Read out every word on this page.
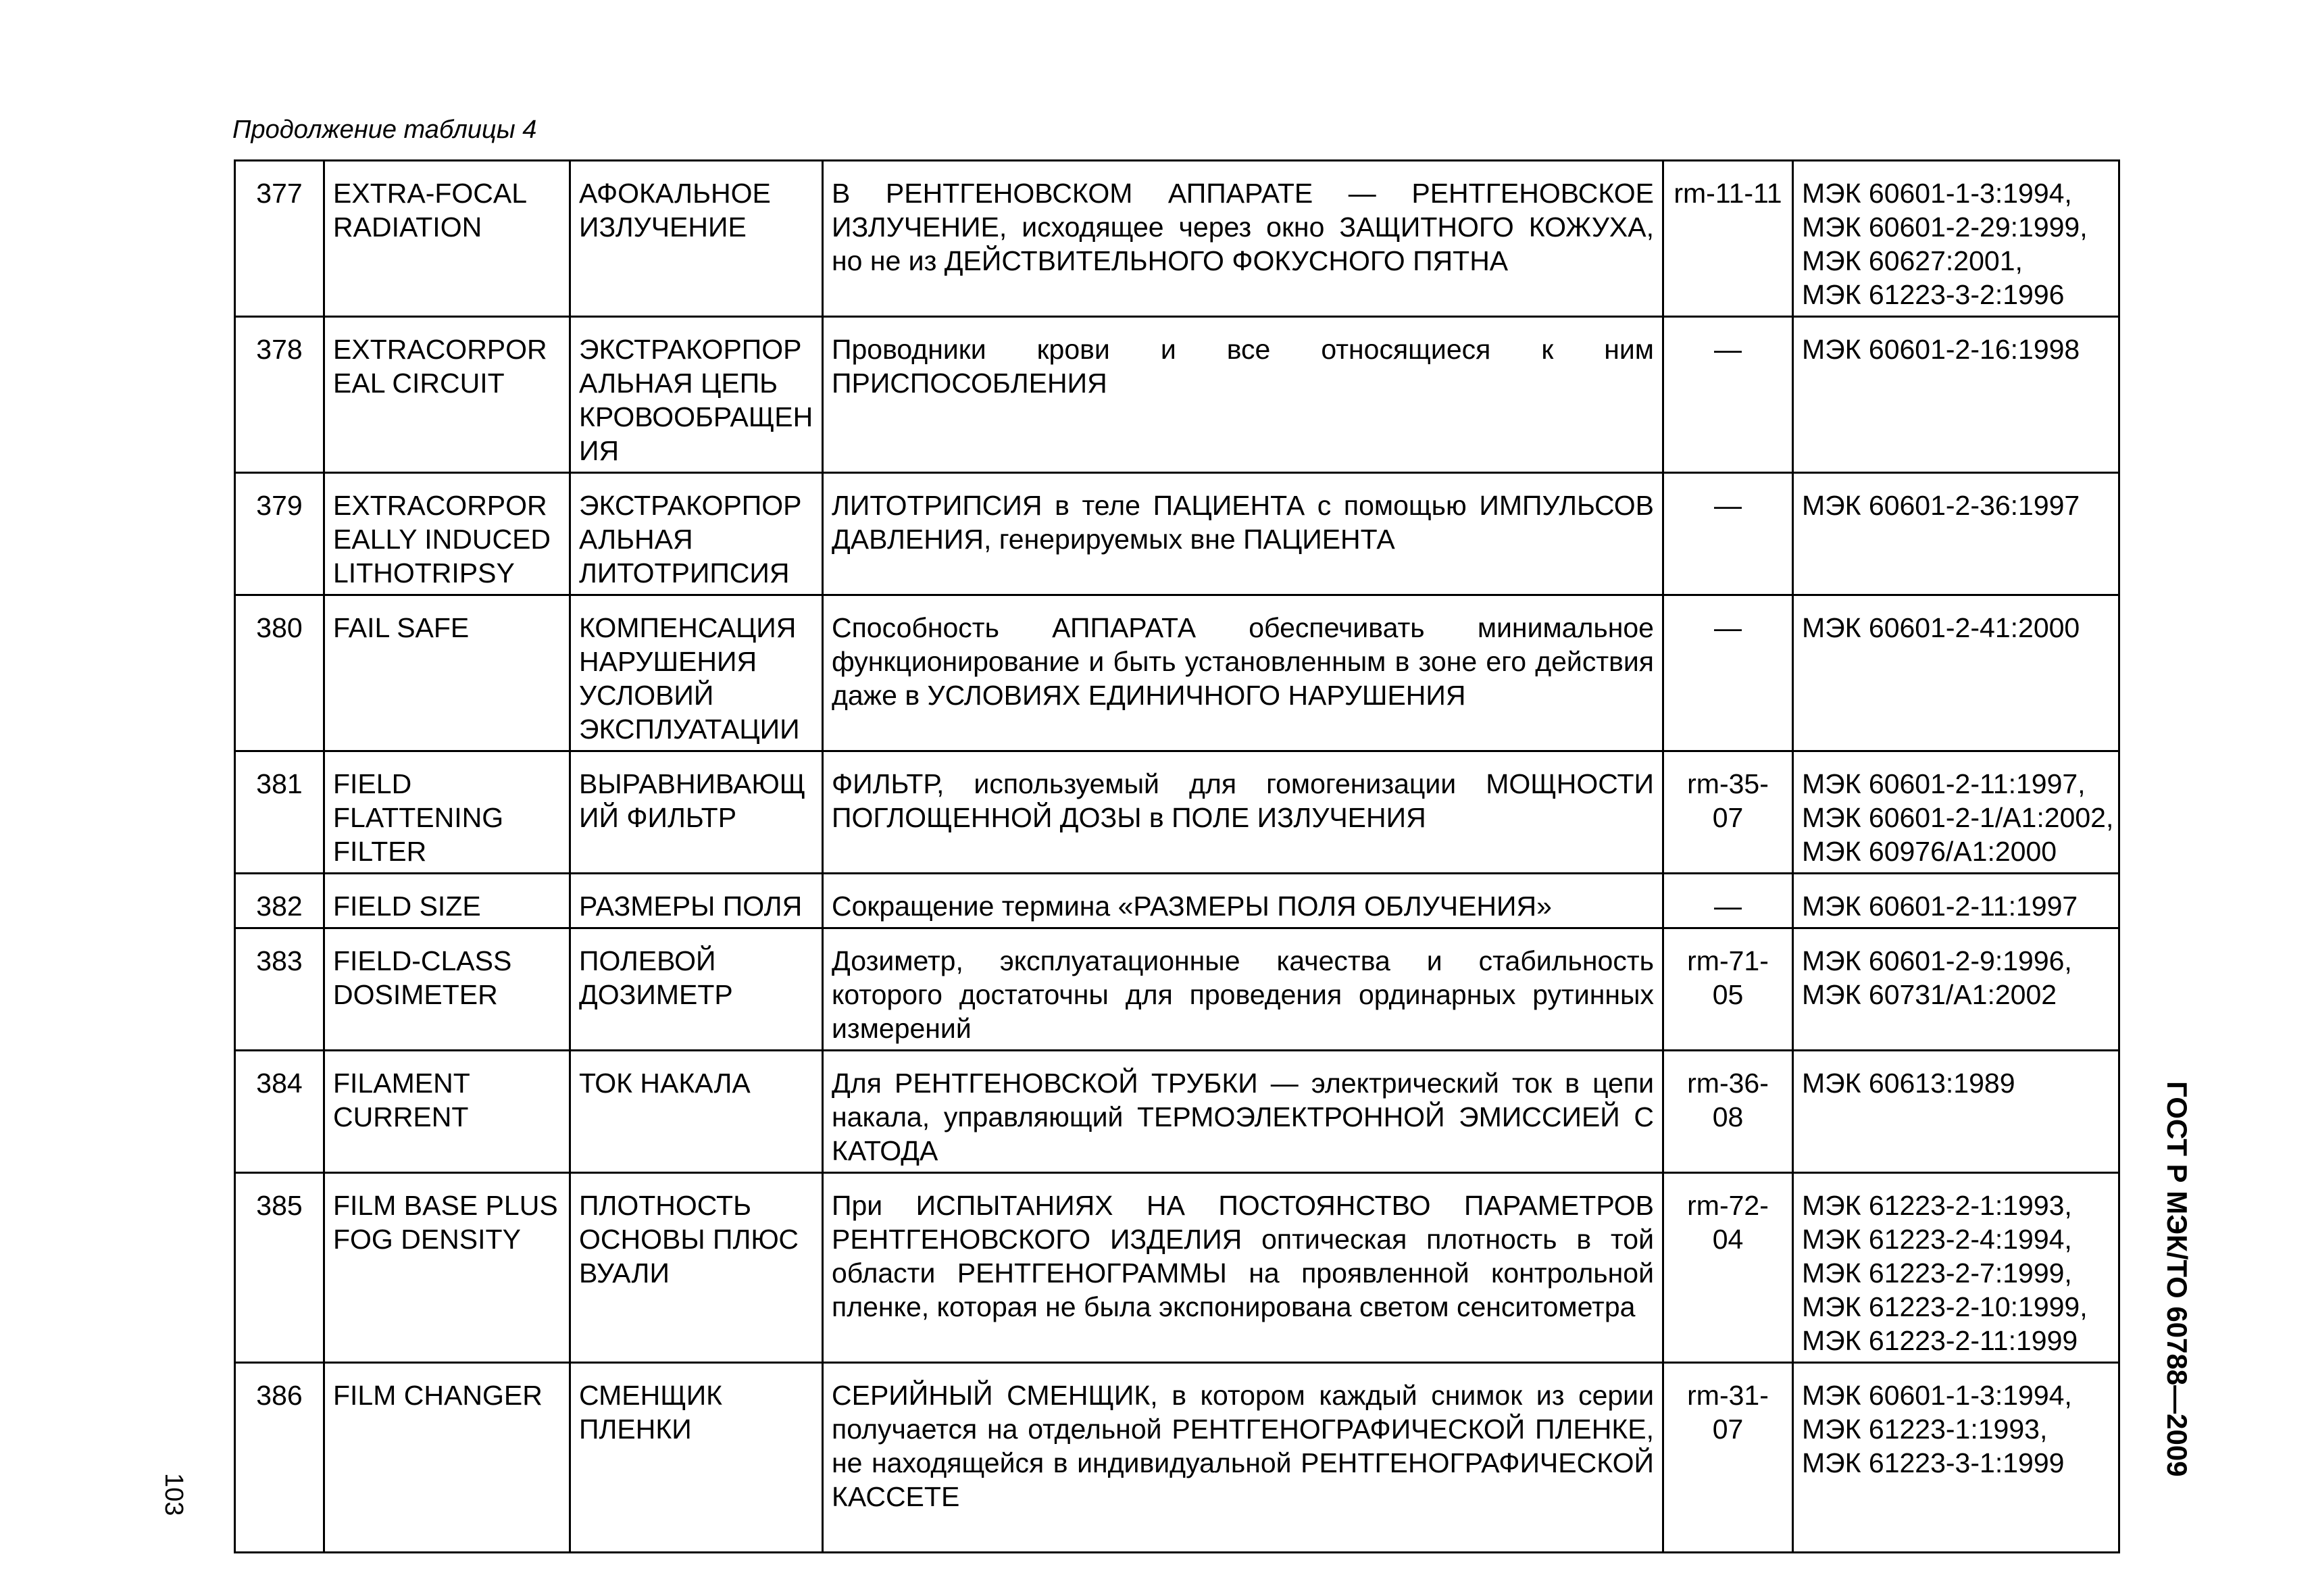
Продолжение таблицы 4
377	EXTRA-FOCAL RADIATION	АФОКАЛЬНОЕ ИЗЛУЧЕНИЕ	В РЕНТГЕНОВСКОМ АППАРАТЕ — РЕНТГЕНОВСКОЕ ИЗЛУЧЕНИЕ, исходящее через окно ЗАЩИТНОГО КОЖУХА, но не из ДЕЙСТВИТЕЛЬНОГО ФОКУСНОГО ПЯТНА	rm-11-11	МЭК 60601-1-3:1994,
МЭК 60601-2-29:1999,
МЭК 60627:2001,
МЭК 61223-3-2:1996

378	EXTRACORPOREAL CIRCUIT	ЭКСТРАКОРПОРАЛЬНАЯ ЦЕПЬ КРОВООБРАЩЕНИЯ	Проводники крови и все относящиеся к ним ПРИСПОСОБЛЕНИЯ	—	МЭК 60601-2-16:1998

379	EXTRACORPOREALLY INDUCED LITHOTRIPSY	ЭКСТРАКОРПОРАЛЬНАЯ ЛИТОТРИПСИЯ	ЛИТОТРИПСИЯ в теле ПАЦИЕНТА с помощью ИМПУЛЬСОВ ДАВЛЕНИЯ, генерируемых вне ПАЦИЕНТА	—	МЭК 60601-2-36:1997

380	FAIL SAFE	КОМПЕНСАЦИЯ НАРУШЕНИЯ УСЛОВИЙ ЭКСПЛУАТАЦИИ	Способность АППАРАТА обеспечивать минимальное функционирование и быть установленным в зоне его действия даже в УСЛОВИЯХ ЕДИНИЧНОГО НАРУШЕНИЯ	—	МЭК 60601-2-41:2000

381	FIELD FLATTENING FILTER	ВЫРАВНИВАЮЩИЙ ФИЛЬТР	ФИЛЬТР, используемый для гомогенизации МОЩНОСТИ ПОГЛОЩЕННОЙ ДОЗЫ в ПОЛЕ ИЗЛУЧЕНИЯ	rm-35-07	МЭК 60601-2-11:1997,
МЭК 60601-2-1/А1:2002,
МЭК 60976/А1:2000

382	FIELD SIZE	РАЗМЕРЫ ПОЛЯ	Сокращение термина «РАЗМЕРЫ ПОЛЯ ОБЛУЧЕНИЯ»	—	МЭК 60601-2-11:1997

383	FIELD-CLASS DOSIMETER	ПОЛЕВОЙ ДОЗИМЕТР	Дозиметр, эксплуатационные качества и стабильность которого достаточны для проведения ординарных рутинных измерений	rm-71-05	МЭК 60601-2-9:1996,
МЭК 60731/А1:2002

384	FILAMENT CURRENT	ТОК НАКАЛА	Для РЕНТГЕНОВСКОЙ ТРУБКИ — электрический ток в цепи накала, управляющий ТЕРМОЭЛЕКТРОННОЙ ЭМИССИЕЙ С КАТОДА	rm-36-08	МЭК 60613:1989

385	FILM BASE PLUS FOG DENSITY	ПЛОТНОСТЬ ОСНОВЫ ПЛЮС ВУАЛИ	При ИСПЫТАНИЯХ НА ПОСТОЯНСТВО ПАРАМЕТРОВ РЕНТГЕНОВСКОГО ИЗДЕЛИЯ оптическая плотность в той области РЕНТГЕНОГРАММЫ на проявленной контрольной пленке, которая не была экспонирована светом сенситометра	rm-72-04	МЭК 61223-2-1:1993,
МЭК 61223-2-4:1994,
МЭК 61223-2-7:1999,
МЭК 61223-2-10:1999,
МЭК 61223-2-11:1999

386	FILM CHANGER	СМЕНЩИК ПЛЕНКИ	СЕРИЙНЫЙ СМЕНЩИК, в котором каждый снимок из серии получается на отдельной РЕНТГЕНОГРАФИЧЕСКОЙ ПЛЕНКЕ, не находящейся в индивидуальной РЕНТГЕНОГРАФИЧЕСКОЙ КАССЕТЕ	rm-31-07	МЭК 60601-1-3:1994,
МЭК 61223-1:1993,
МЭК 61223-3-1:1999
103
ГОСТ Р МЭК/ТО 60788—2009
